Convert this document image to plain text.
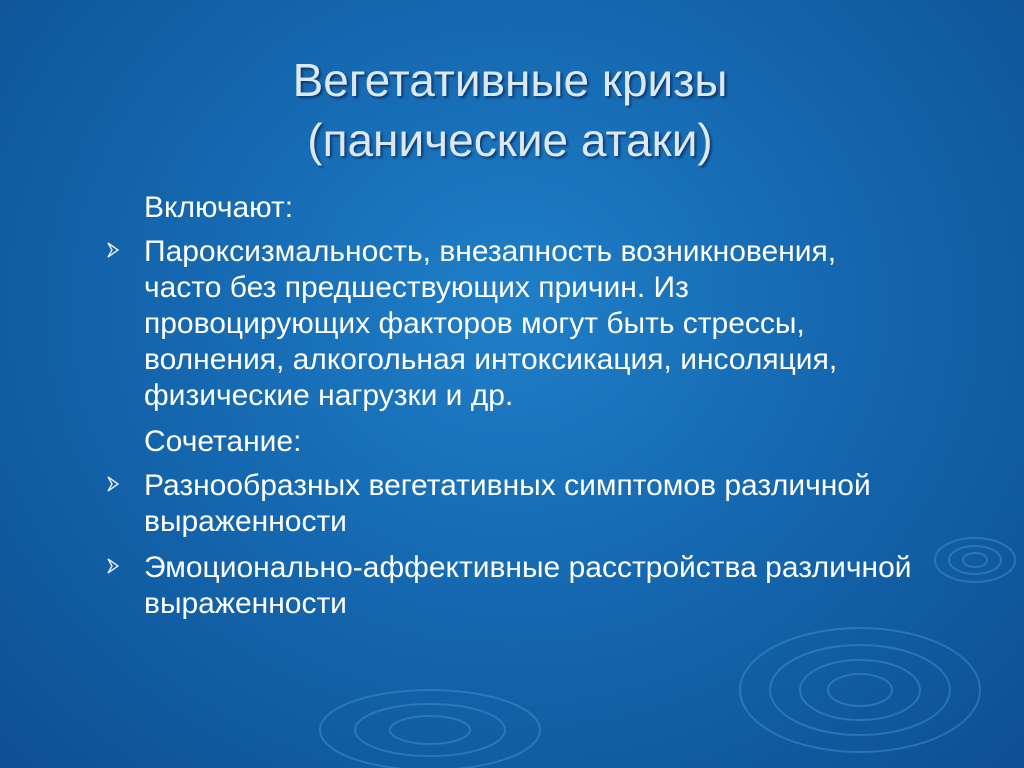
Вегетативные кризы
(панические атаки)

Включают:

Пароксизмальность, внезапность возникновения, часто без предшествующих причин. Из провоцирующих факторов могут быть стрессы, волнения, алкогольная интоксикация, инсоляция, физические нагрузки и др.

Сочетание:

Разнообразных вегетативных симптомов различной выраженности
Эмоционально-аффективные расстройства различной выраженности
